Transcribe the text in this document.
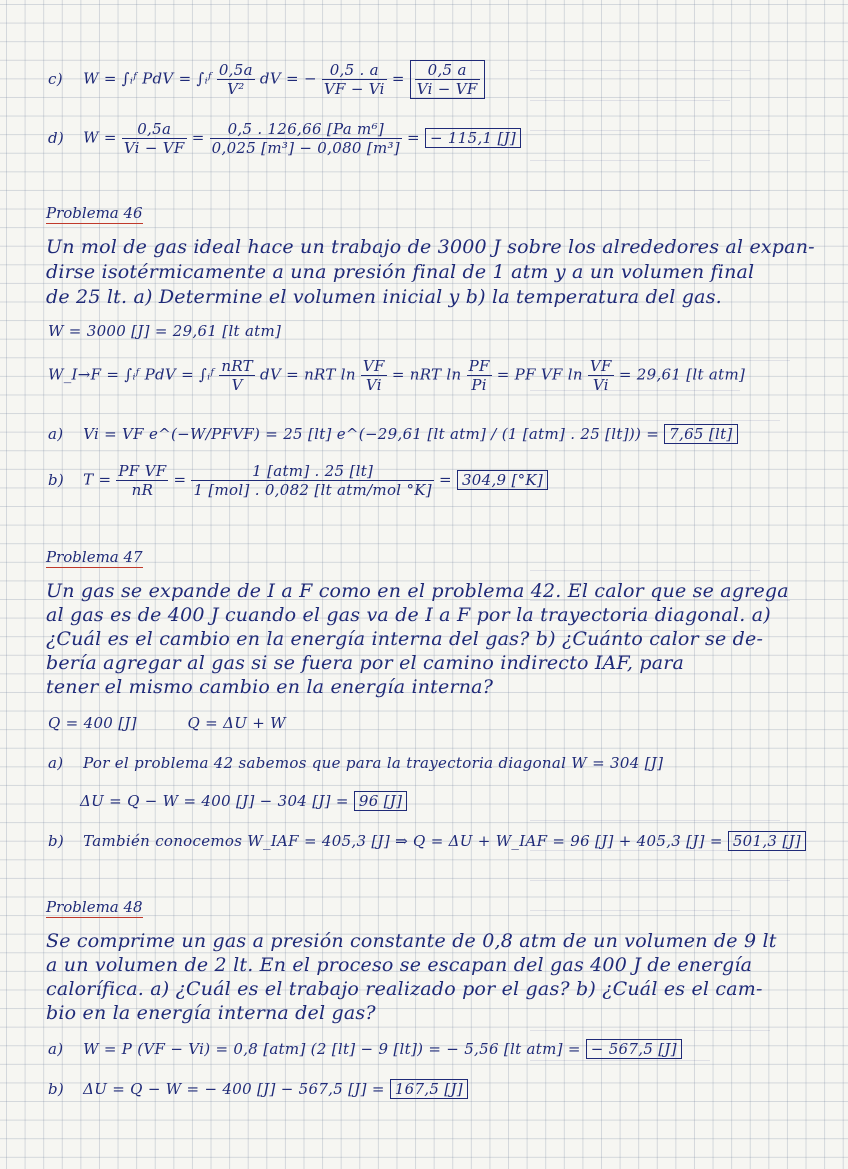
c) W = ∫ᵢᶠ PdV = ∫ᵢᶠ $\frac{0,5a}{\text{V²}}$ dV = − $\frac{0,5 . a}{VF - Vi} = \frac{0,5 a}{Vi - VF}$
d) $W = \frac{0,5a}{Vi - VF} = \frac{\text{0,5 . 126,66 [Pa m⁶]}}{\text{0,025 [m³] − 0,080 [m³]}}$ = − 115,1 [J]
Problema 46
Un mol de gas ideal hace un trabajo de 3000 J sobre los alrededores al expan-
dirse isotérmicamente a una presión final de 1 atm y a un volumen final
de 25 lt. a) Determine el volumen inicial y b) la temperatura del gas.
W = 3000 [J] = 29,61 [lt atm]
W_I→F = ∫ᵢᶠ PdV = ∫ᵢᶠ $\frac{\text{nRT}}{V}$ dV = nRT $\ln \frac{VF}{Vi}$ = nRT $\ln \frac{PF}{Pi}$ = PF VF $\ln \frac{VF}{Vi} = 29,61$ [lt atm]
a) Vi = VF e^(−W/PFVF) = 25 [lt] e^(−29,61 [lt atm] / (1 [atm] . 25 [lt])) = 7,65 [lt]
b) $T = \frac{\text{PF VF}}{nR} = \frac{\text{1 [atm] . 25 [lt]}}{\text{1 [mol] . 0,082 [lt atm/mol °K]}} = 304,9$ [°K]
Problema 47
Un gas se expande de I a F como en el problema 42. El calor que se agrega
al gas es de 400 J cuando el gas va de I a F por la trayectoria diagonal. a)
¿Cuál es el cambio en la energía interna del gas? b) ¿Cuánto calor se de-
bería agregar al gas si se fuera por el camino indirecto IAF, para
tener el mismo cambio en la energía interna?
Q = 400 [J]          Q = ΔU + W
a) Por el problema 42 sabemos que para la trayectoria diagonal W = 304 [J]
ΔU = Q − W = 400 [J] − 304 [J] = 96 [J]
b) También conocemos W_IAF = 405,3 [J] ⇒ Q = ΔU + W_IAF = 96 [J] + 405,3 [J] = 501,3 [J]
Problema 48
Se comprime un gas a presión constante de 0,8 atm de un volumen de 9 lt
a un volumen de 2 lt. En el proceso se escapan del gas 400 J de energía
calorífica. a) ¿Cuál es el trabajo realizado por el gas? b) ¿Cuál es el cam-
bio en la energía interna del gas?
a) W = P (VF − Vi) = 0,8 [atm] (2 [lt] − 9 [lt]) = − 5,56 [lt atm] = − 567,5 [J]
b) ΔU = Q − W = − 400 [J] − 567,5 [J] = 167,5 [J]
